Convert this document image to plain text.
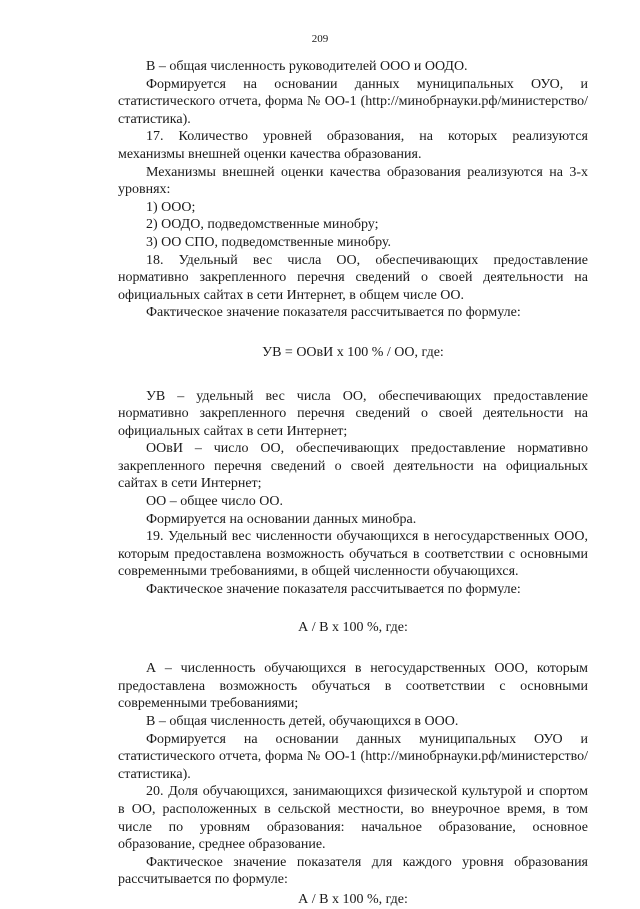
209

В – общая численность руководителей ООО и ООДО.

Формируется на основании данных муниципальных ОУО, и статистического отчета, форма № ОО-1 (http://минобрнауки.рф/министерство/статистика).

17. Количество уровней образования, на которых реализуются механизмы внешней оценки качества образования.

Механизмы внешней оценки качества образования реализуются на 3-х уровнях:

1) ООО;

2) ООДО, подведомственные минобру;

3) ОО СПО, подведомственные минобру.

18. Удельный вес числа ОО, обеспечивающих предоставление нормативно закрепленного перечня сведений о своей деятельности на официальных сайтах в сети Интернет, в общем числе ОО.

Фактическое значение показателя рассчитывается по формуле:

УВ = ООвИ х 100 % / ОО, где:

УВ – удельный вес числа ОО, обеспечивающих предоставление нормативно закрепленного перечня сведений о своей деятельности на официальных сайтах в сети Интернет;

ООвИ – число ОО, обеспечивающих предоставление нормативно закрепленного перечня сведений о своей деятельности на официальных сайтах в сети Интернет;

ОО – общее число ОО.

Формируется на основании данных минобра.

19. Удельный вес численности обучающихся в негосударственных ООО, которым предоставлена возможность обучаться в соответствии с основными современными требованиями, в общей численности обучающихся.

Фактическое значение показателя рассчитывается по формуле:

А / В х 100 %, где:

А – численность обучающихся в негосударственных ООО, которым предоставлена возможность обучаться в соответствии с основными современными требованиями;

В – общая численность детей, обучающихся в ООО.

Формируется на основании данных муниципальных ОУО и статистического отчета, форма № ОО-1 (http://минобрнауки.рф/министерство/статистика).

20. Доля обучающихся, занимающихся физической культурой и спортом в ОО, расположенных в сельской местности, во внеурочное время, в том числе по уровням образования: начальное образование, основное образование, среднее образование.

Фактическое значение показателя для каждого уровня образования рассчитывается по формуле:

А / В х 100 %, где:
